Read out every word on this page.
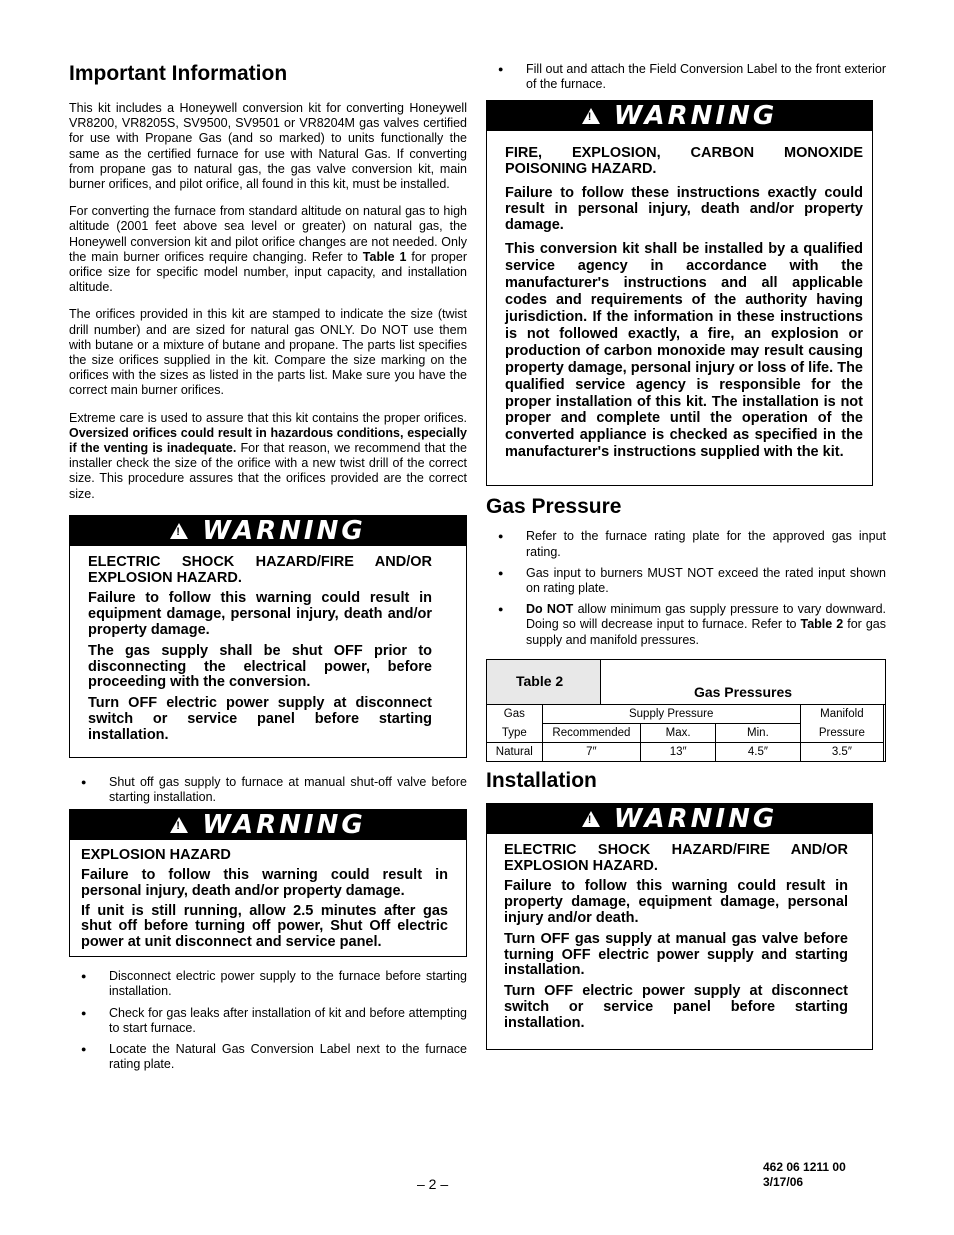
Important Information

This kit includes a Honeywell conversion kit for converting Honeywell VR8200, VR8205S, SV9500, SV9501 or VR8204M gas valves certified for use with Propane Gas (and so marked) to units functionally the same as the certified furnace for use with Natural Gas. If converting from propane gas to natural gas, the gas valve conversion kit, main burner orifices, and pilot orifice, all found in this kit, must be installed.

For converting the furnace from standard altitude on natural gas to high altitude (2001 feet above sea level or greater) on natural gas, the Honeywell conversion kit and pilot orifice changes are not needed. Only the main burner orifices require changing. Refer to Table 1 for proper orifice size for specific model number, input capacity, and installation altitude.

The orifices provided in this kit are stamped to indicate the size (twist drill number) and are sized for natural gas ONLY. Do NOT use them with butane or a mixture of butane and propane. The parts list specifies the size orifices supplied in the kit. Compare the size marking on the orifices with the sizes as listed in the parts list. Make sure you have the correct main burner orifices.

Extreme care is used to assure that this kit contains the proper orifices. Oversized orifices could result in hazardous conditions, especially if the venting is inadequate. For that reason, we recommend that the installer check the size of the orifice with a new twist drill of the correct size. This procedure assures that the orifices provided are the correct size.

! WARNING

ELECTRIC SHOCK HAZARD/FIRE AND/OR EXPLOSION HAZARD.

Failure to follow this warning could result in equipment damage, personal injury, death and/or property damage.

The gas supply shall be shut OFF prior to disconnecting the electrical power, before proceeding with the conversion.

Turn OFF electric power supply at disconnect switch or service panel before starting installation.

● Shut off gas supply to furnace at manual shut-off valve before starting installation.
! WARNING

EXPLOSION HAZARD

Failure to follow this warning could result in personal injury, death and/or property damage.

If unit is still running, allow 2.5 minutes after gas shut off before turning off power, Shut Off electric power at unit disconnect and service panel.

● Disconnect electric power supply to the furnace before starting installation.
● Check for gas leaks after installation of kit and before attempting to start furnace.
● Locate the Natural Gas Conversion Label next to the furnace rating plate.
● Fill out and attach the Field Conversion Label to the front exterior of the furnace.
! WARNING

FIRE, EXPLOSION, CARBON MONOXIDE POISONING HAZARD.

Failure to follow these instructions exactly could result in personal injury, death and/or property damage.

This conversion kit shall be installed by a qualified service agency in accordance with the manufacturer's instructions and all applicable codes and requirements of the authority having jurisdiction. If the information in these instructions is not followed exactly, a fire, an explosion or production of carbon monoxide may result causing property damage, personal injury or loss of life. The qualified service agency is responsible for the proper installation of this kit. The installation is not proper and complete until the operation of the converted appliance is checked as specified in the manufacturer's instructions supplied with the kit.

Gas Pressure
● Refer to the furnace rating plate for the approved gas input rating.
● Gas input to burners MUST NOT exceed the rated input shown on rating plate.
● Do NOT allow minimum gas supply pressure to vary downward. Doing so will decrease input to furnace. Refer to Table 2 for gas supply and manifold pressures.
Table 2
Gas Pressures
Gas	Supply Pressure			Manifold
Type	Recommended	Max.	Min.	Pressure
Natural	7″	13″	4.5″	3.5″
Installation
! WARNING

ELECTRIC SHOCK HAZARD/FIRE AND/OR EXPLOSION HAZARD.

Failure to follow this warning could result in property damage, equipment damage, personal injury and/or death.

Turn OFF gas supply at manual gas valve before turning OFF electric power supply and starting installation.

Turn OFF electric power supply at disconnect switch or service panel before starting installation.

– 2 –
462 06 1211 00
3/17/06
